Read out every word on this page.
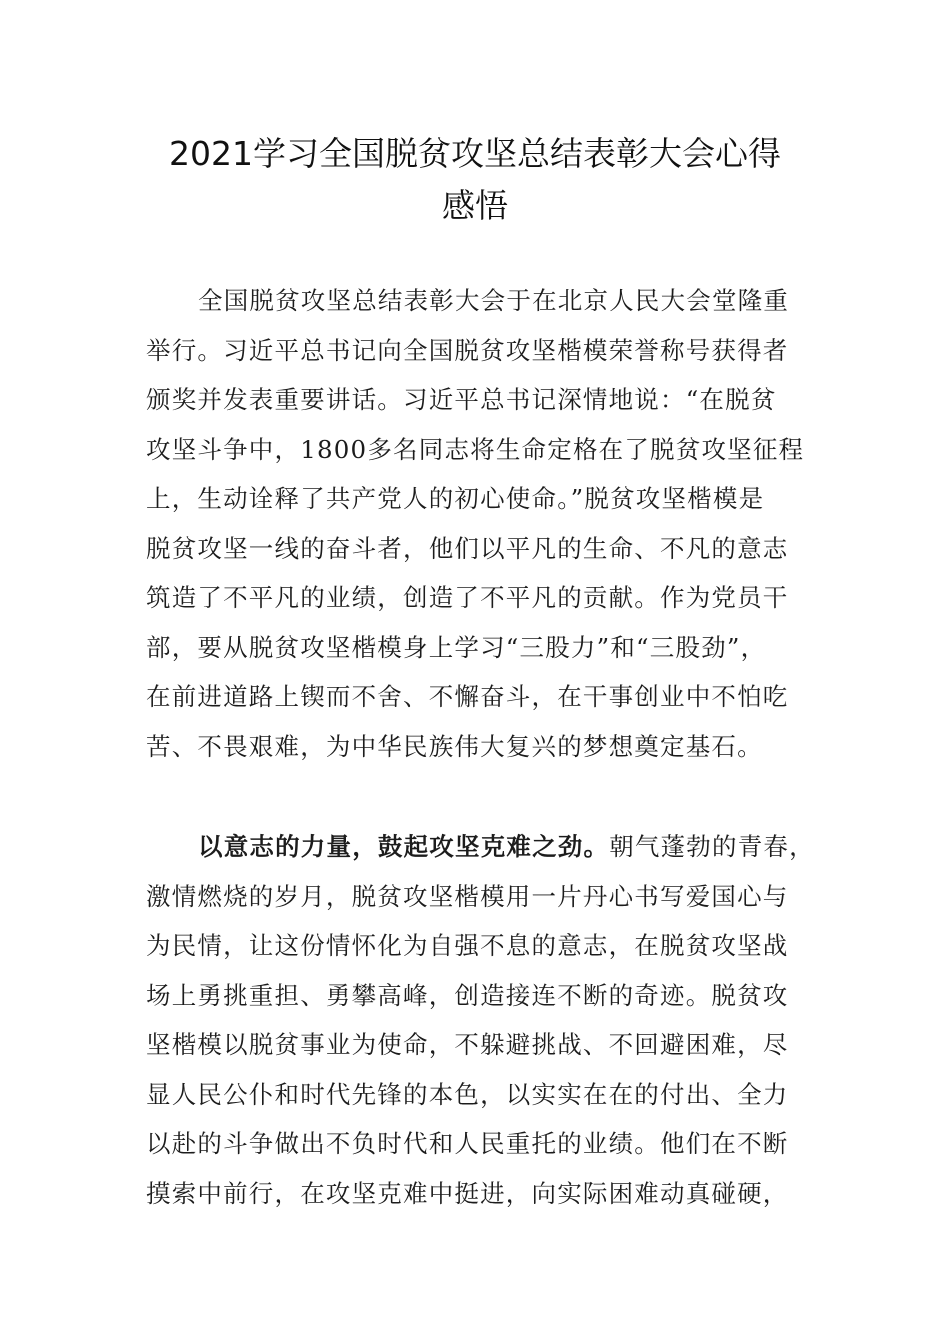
2021学习全国脱贫攻坚总结表彰大会心得
感悟
全国脱贫攻坚总结表彰大会于在北京人民大会堂隆重
举行。习近平总书记向全国脱贫攻坚楷模荣誉称号获得者
颁奖并发表重要讲话。习近平总书记深情地说：“在脱贫
攻坚斗争中，1800多名同志将生命定格在了脱贫攻坚征程
上，生动诠释了共产党人的初心使命。”脱贫攻坚楷模是
脱贫攻坚一线的奋斗者，他们以平凡的生命、不凡的意志
筑造了不平凡的业绩，创造了不平凡的贡献。作为党员干
部，要从脱贫攻坚楷模身上学习“三股力”和“三股劲”，
在前进道路上锲而不舍、不懈奋斗，在干事创业中不怕吃
苦、不畏艰难，为中华民族伟大复兴的梦想奠定基石。
以意志的力量，鼓起攻坚克难之劲。朝气蓬勃的青春，
激情燃烧的岁月，脱贫攻坚楷模用一片丹心书写爱国心与
为民情，让这份情怀化为自强不息的意志，在脱贫攻坚战
场上勇挑重担、勇攀高峰，创造接连不断的奇迹。脱贫攻
坚楷模以脱贫事业为使命，不躲避挑战、不回避困难，尽
显人民公仆和时代先锋的本色，以实实在在的付出、全力
以赴的斗争做出不负时代和人民重托的业绩。他们在不断
摸索中前行，在攻坚克难中挺进，向实际困难动真碰硬，
